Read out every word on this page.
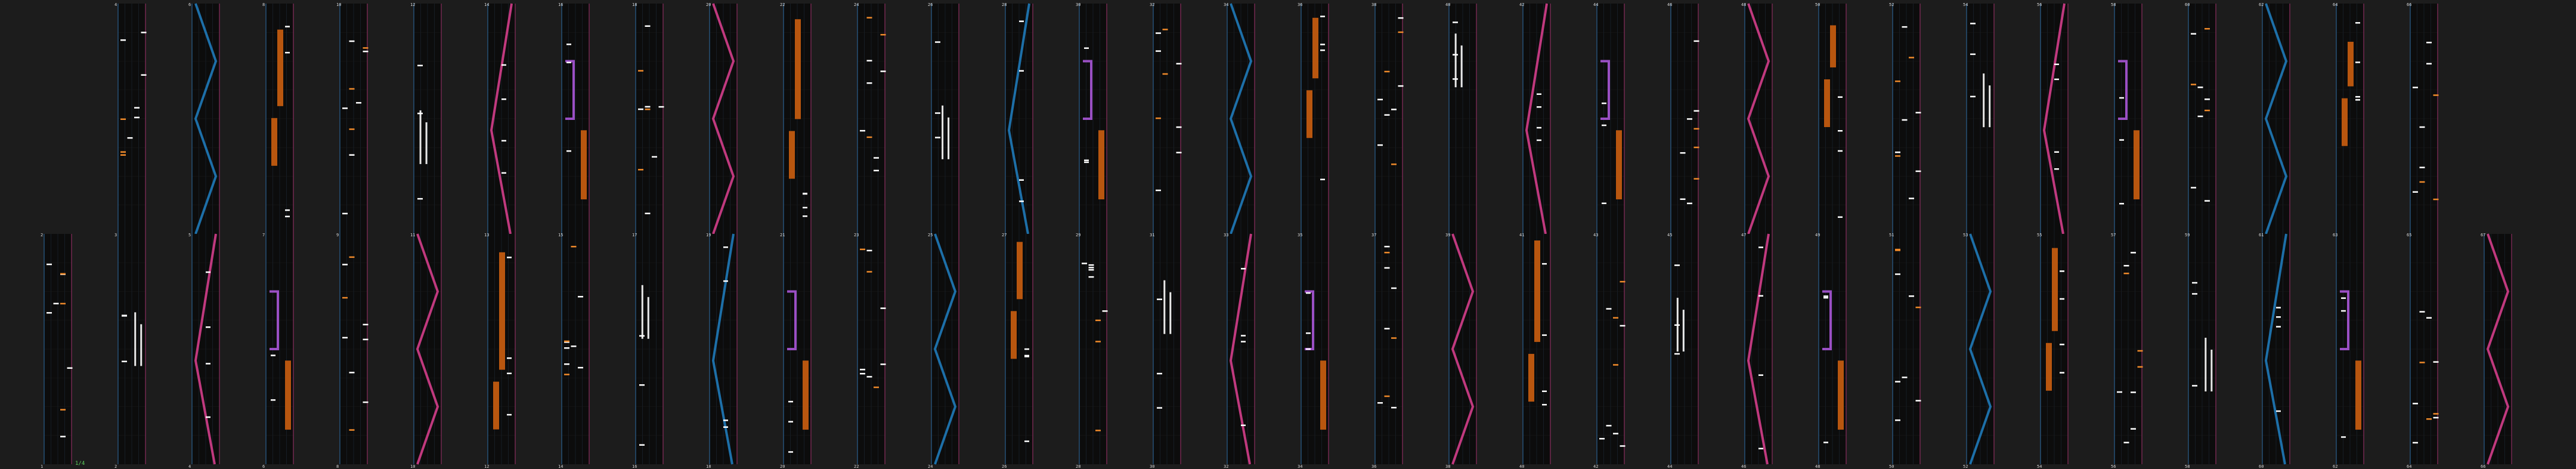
4	6	8	10	12	14	16	18	20	22	24	26	28	30	32	34	36	38	40	42	44	46	48	50	52	54	56	58	60	62	64	66
2
1
3
2
5
4
7
6
9
8
11
10
13
12
15
14
17
16
19
18
21
20
23
22
25
24
27
26
29
28
31
30
33
32
35
34
37
36
39
38
41
40
43
42
45
44
47
46
49
48
51
50
53
52
55
54
57
56
59
58
61
60
63
62
65
64
67
66
1/4
